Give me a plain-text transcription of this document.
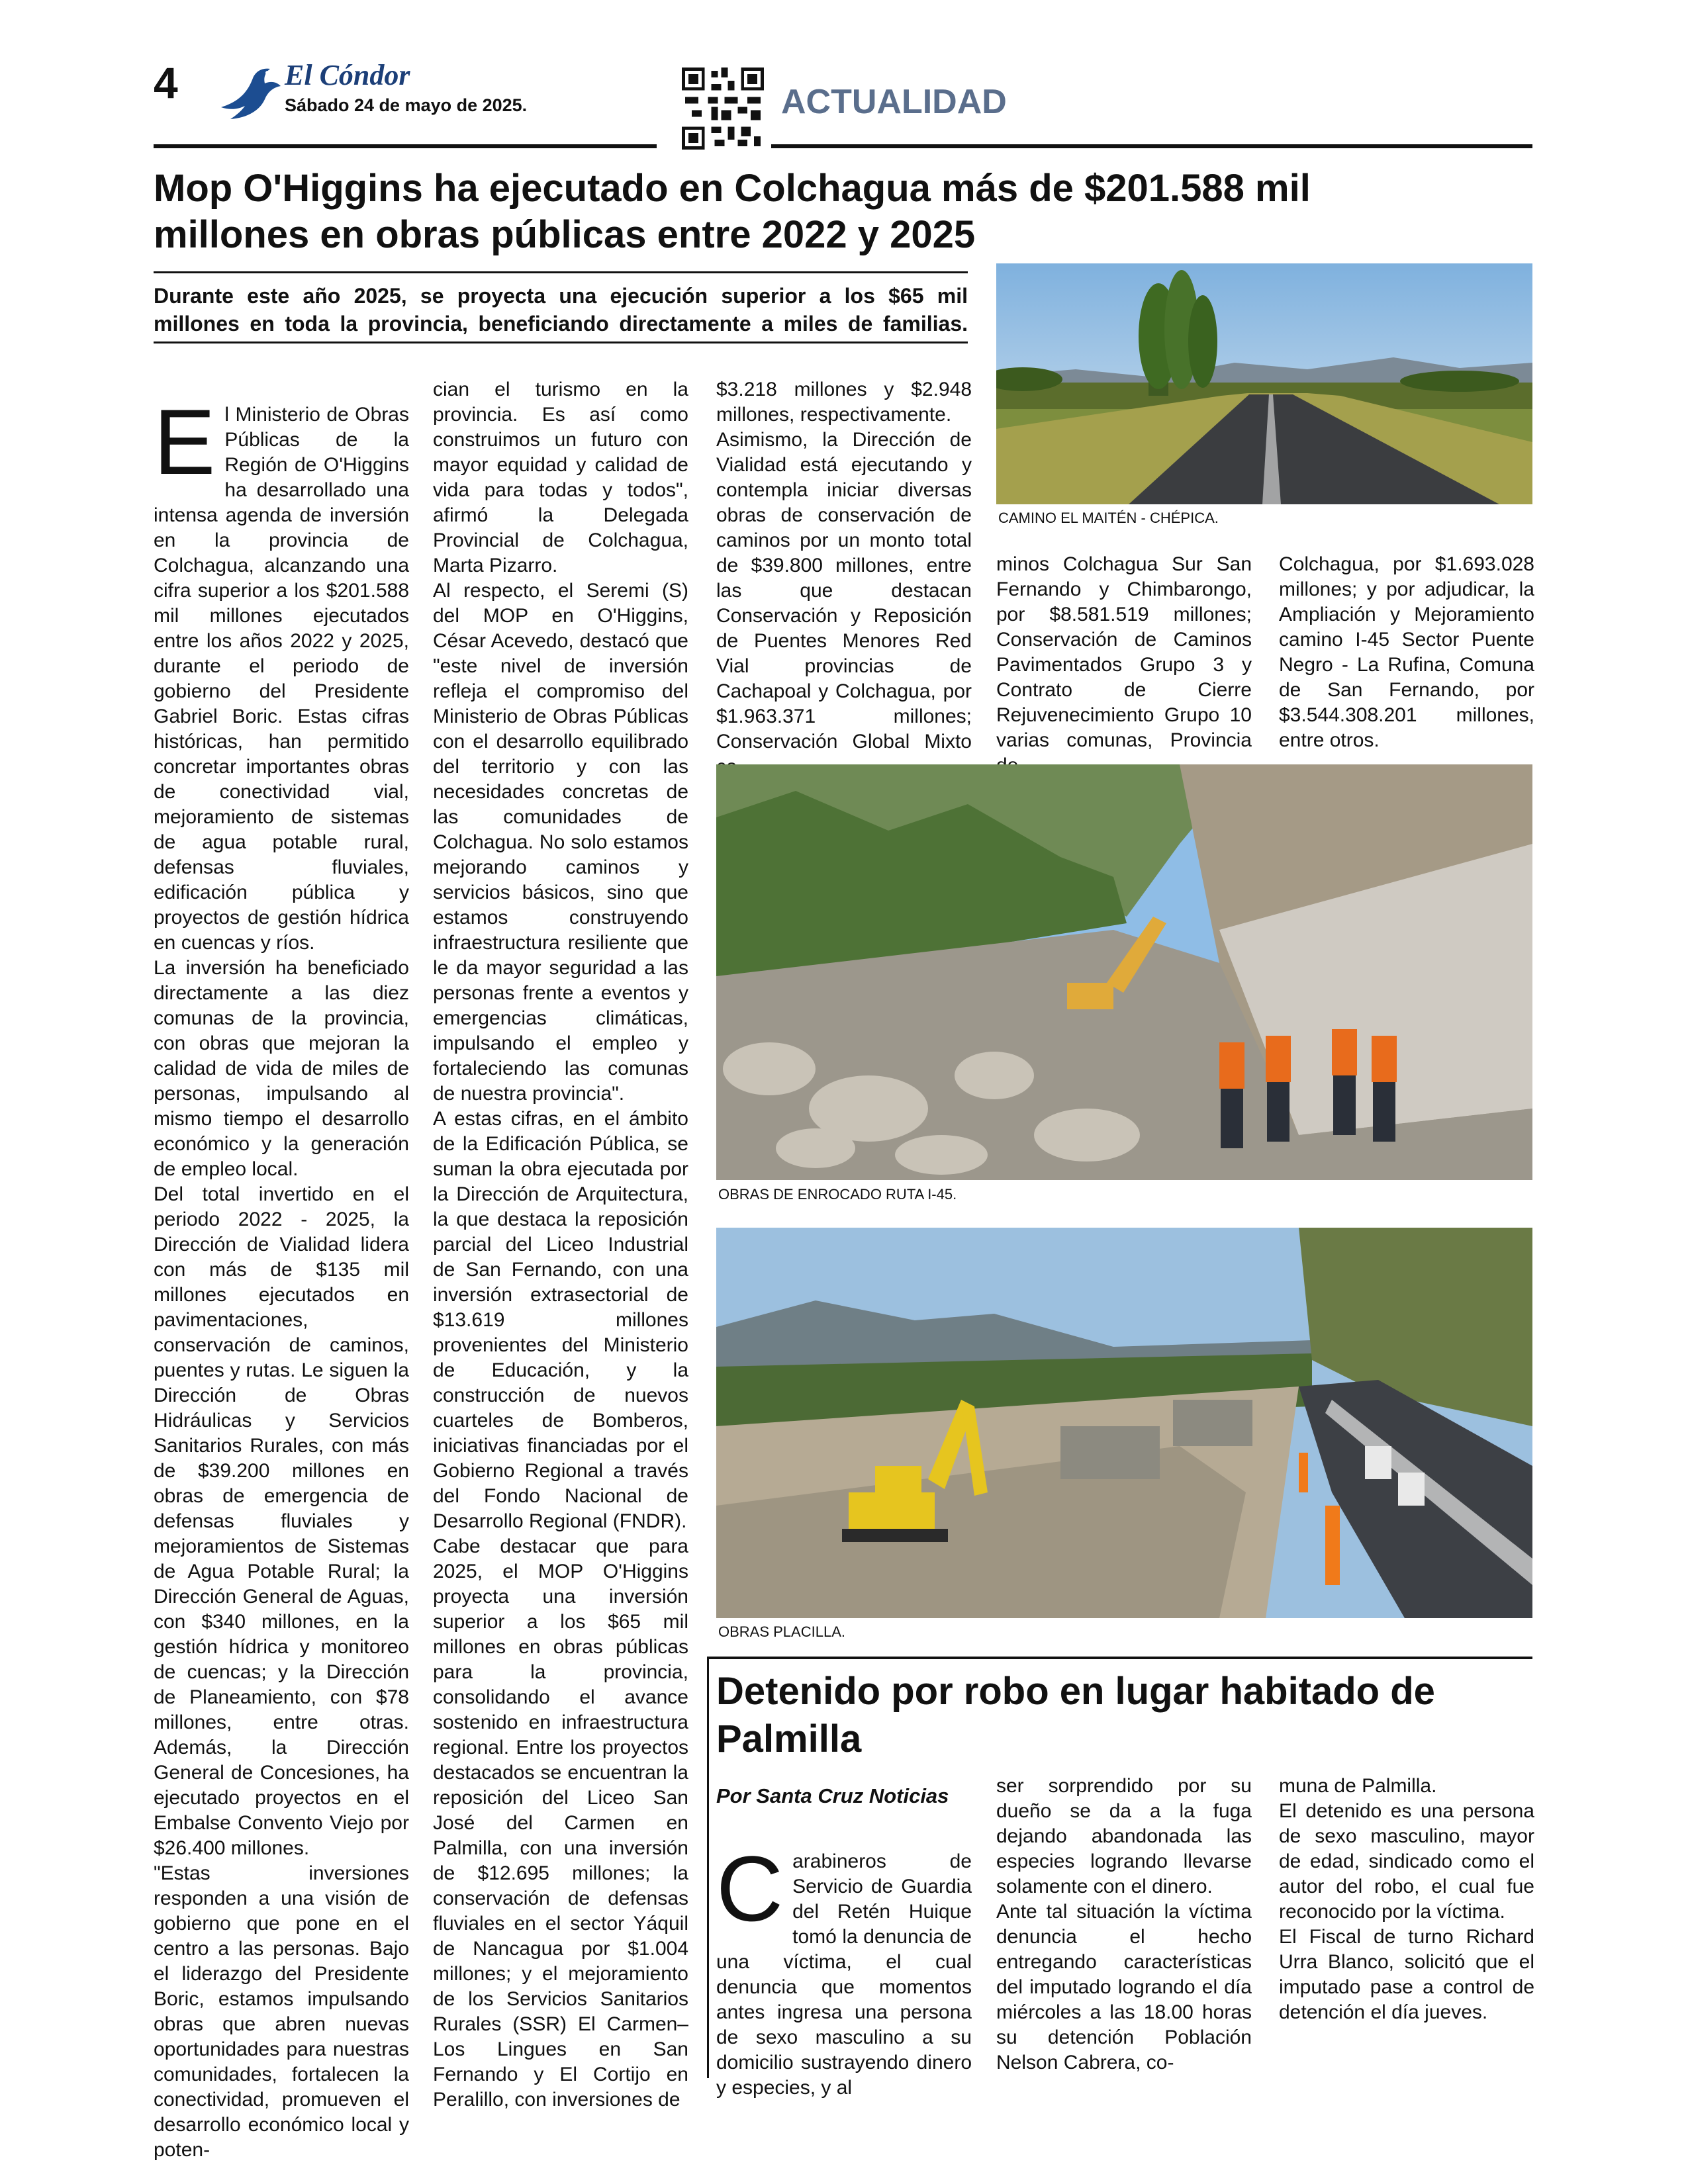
4	El Cóndor
Sábado 24 de mayo de 2025.	ACTUALIDAD
Mop O'Higgins ha ejecutado en Colchagua más de $201.588 mil millones en obras públicas entre 2022 y 2025
Durante este año 2025, se proyecta una ejecución superior a los $65 mil millones en toda la provincia, beneficiando directamente a miles de familias.

El Ministerio de Obras Públicas de la Región de O'Higgins ha desarrollado una intensa agenda de inversión en la provincia de Colchagua, alcanzando una cifra superior a los $201.588 mil millones ejecutados entre los años 2022 y 2025, durante el periodo de gobierno del Presidente Gabriel Boric. Estas cifras históricas, han permitido concretar importantes obras de conectividad vial, mejoramiento de sistemas de agua potable rural, defensas fluviales, edificación pública y proyectos de gestión hídrica en cuencas y ríos.
La inversión ha beneficiado directamente a las diez comunas de la provincia, con obras que mejoran la calidad de vida de miles de personas, impulsando al mismo tiempo el desarrollo económico y la generación de empleo local.
Del total invertido en el periodo 2022 - 2025, la Dirección de Vialidad lidera con más de $135 mil millones ejecutados en pavimentaciones, conservación de caminos, puentes y rutas. Le siguen la Dirección de Obras Hidráulicas y Servicios Sanitarios Rurales, con más de $39.200 millones en obras de emergencia de defensas fluviales y mejoramientos de Sistemas de Agua Potable Rural; la Dirección General de Aguas, con $340 millones, en la gestión hídrica y monitoreo de cuencas; y la Dirección de Planeamiento, con $78 millones, entre otras. Además, la Dirección General de Concesiones, ha ejecutado proyectos en el Embalse Convento Viejo por $26.400 millones.
"Estas inversiones responden a una visión de gobierno que pone en el centro a las personas. Bajo el liderazgo del Presidente Boric, estamos impulsando obras que abren nuevas oportunidades para nuestras comunidades, fortalecen la conectividad, promueven el desarrollo económico local y poten-

cian el turismo en la provincia. Es así como construimos un futuro con mayor equidad y calidad de vida para todas y todos", afirmó la Delegada Provincial de Colchagua, Marta Pizarro.
Al respecto, el Seremi (S) del MOP en O'Higgins, César Acevedo, destacó que "este nivel de inversión refleja el compromiso del Ministerio de Obras Públicas con el desarrollo equilibrado del territorio y con las necesidades concretas de las comunidades de Colchagua. No solo estamos mejorando caminos y servicios básicos, sino que estamos construyendo infraestructura resiliente que le da mayor seguridad a las personas frente a eventos y emergencias climáticas, impulsando el empleo y fortaleciendo las comunas de nuestra provincia".
A estas cifras, en el ámbito de la Edificación Pública, se suman la obra ejecutada por la Dirección de Arquitectura, la que destaca la reposición parcial del Liceo Industrial de San Fernando, con una inversión extrasectorial de $13.619 millones provenientes del Ministerio de Educación, y la construcción de nuevos cuarteles de Bomberos, iniciativas financiadas por el Gobierno Regional a través del Fondo Nacional de Desarrollo Regional (FNDR).
Cabe destacar que para 2025, el MOP O'Higgins proyecta una inversión superior a los $65 mil millones en obras públicas para la provincia, consolidando el avance sostenido en infraestructura regional. Entre los proyectos destacados se encuentran la reposición del Liceo San José del Carmen en Palmilla, con una inversión de $12.695 millones; la conservación de defensas fluviales en el sector Yáquil de Nancagua por $1.004 millones; y el mejoramiento de los Servicios Sanitarios Rurales (SSR) El Carmen– Los Lingues en San Fernando y El Cortijo en Peralillo, con inversiones de
$3.218 millones y $2.948 millones, respectivamente.
Asimismo, la Dirección de Vialidad está ejecutando y contempla iniciar diversas obras de conservación de caminos por un monto total de $39.800 millones, entre las que destacan Conservación y Reposición de Puentes Menores Red Vial provincias de Cachapoal y Colchagua, por $1.963.371 millones; Conservación Global Mixto
minos Colchagua Sur San Fernando y Chimbarongo, por $8.581.519 millones; Conservación de Caminos Pavimentados Grupo 3 y Contrato de Cierre Rejuvenecimiento Grupo 10 varias comunas, Provincia
Colchagua, por $1.693.028 millones; y por adjudicar, la Ampliación y Mejoramiento camino I-45 Sector Puente Negro - La Rufina, Comuna de San Fernando, por $3.544.308.201 millones, entre otros.
CAMINO EL MAITÉN - CHÉPICA.
OBRAS DE ENROCADO RUTA I-45.
OBRAS PLACILLA.
Detenido por robo en lugar habitado de Palmilla
Por Santa Cruz Noticias

Carabineros de Servicio de Guardia del Retén Huique tomó la denuncia de una víctima, el cual denuncia que momentos antes ingresa una persona de sexo masculino a su domicilio sustrayendo dinero y especies, y al

ser sorprendido por su dueño se da a la fuga dejando abandonada las especies logrando llevarse solamente con el dinero.
Ante tal situación la víctima denuncia el hecho entregando características del imputado logrando el día miércoles a las 18.00 horas su detención Población Nelson Cabrera, co-
muna de Palmilla.
El detenido es una persona de sexo masculino, mayor de edad, sindicado como el autor del robo, el cual fue reconocido por la víctima.
El Fiscal de turno Richard Urra Blanco, solicitó que el imputado pase a control de detención el día jueves.
